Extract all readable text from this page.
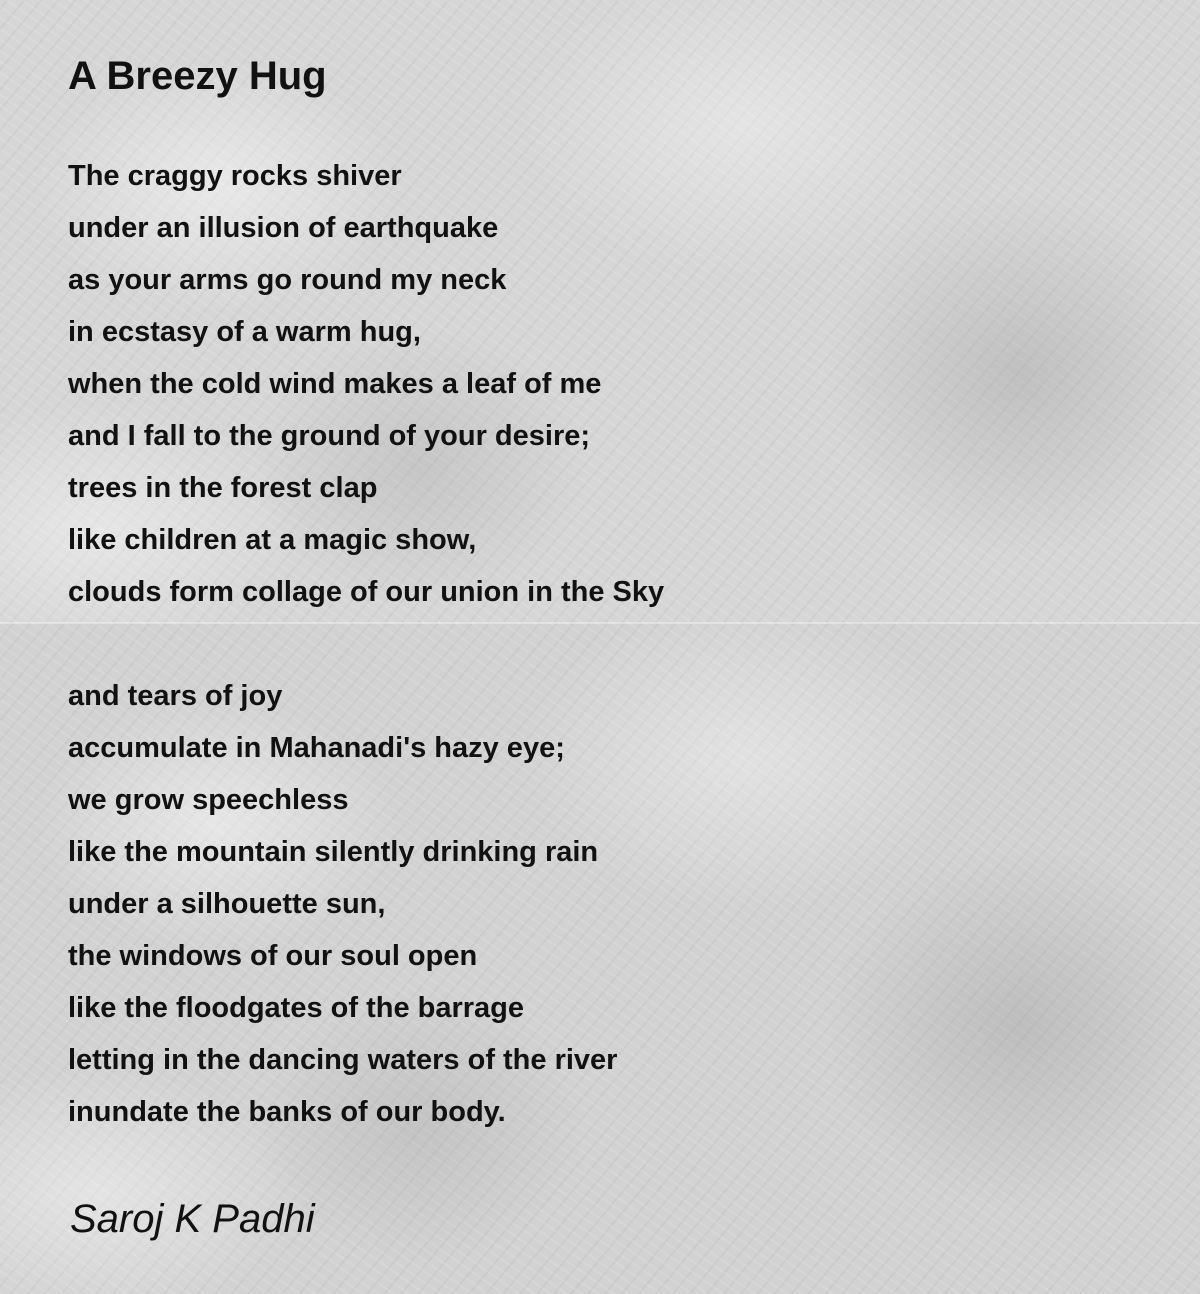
A Breezy Hug
The craggy rocks shiver
under an illusion of earthquake
as your arms go round my neck
in ecstasy of a warm hug,
when the cold wind makes a leaf of me
and I fall to the ground of your desire;
trees in the forest clap
like children at a magic show,
clouds form collage of our union in the Sky
and tears of joy
accumulate in Mahanadi's hazy eye;
we grow speechless
like the mountain silently drinking rain
under a silhouette sun,
the windows of our soul open
like the floodgates of the barrage
letting in the dancing waters of the river
inundate the banks of our body.

Saroj K Padhi
